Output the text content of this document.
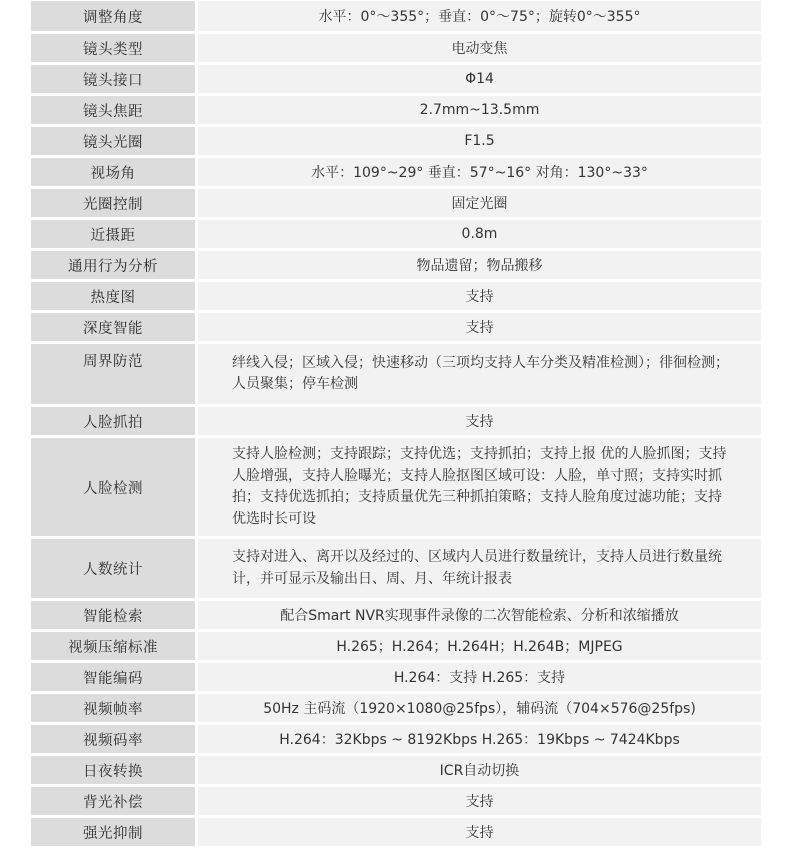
调整角度		水平：0°～355°；垂直：0°～75°；旋转0°～355°
镜头类型		电动变焦
镜头接口		Φ14
镜头焦距		2.7mm~13.5mm
镜头光圈		F1.5
视场角		水平：109°~29° 垂直：57°~16° 对角：130°~33°
光圈控制		固定光圈
近摄距		0.8m
通用行为分析		物品遗留；物品搬移
热度图		支持
深度智能		支持
周界防范		绊线入侵；区域入侵；快速移动（三项均支持人车分类及精准检测）；徘徊检测；人员聚集；停车检测
人脸抓拍		支持
人脸检测		支持人脸检测；支持跟踪；支持优选；支持抓拍；支持上报 优的人脸抓图；支持人脸增强，支持人脸曝光；支持人脸抠图区域可设：人脸，单寸照；支持实时抓拍；支持优选抓拍；支持质量优先三种抓拍策略；支持人脸角度过滤功能；支持优选时长可设
人数统计		支持对进入、离开以及经过的、区域内人员进行数量统计，支持人员进行数量统计，并可显示及输出日、周、月、年统计报表
智能检索		配合Smart NVR实现事件录像的二次智能检索、分析和浓缩播放
视频压缩标准		H.265；H.264；H.264H；H.264B；MJPEG
智能编码		H.264：支持 H.265：支持
视频帧率		50Hz 主码流（1920×1080@25fps），辅码流（704×576@25fps)
视频码率		H.264：32Kbps ~ 8192Kbps H.265：19Kbps ~ 7424Kbps
日夜转换		ICR自动切换
背光补偿		支持
强光抑制		支持
